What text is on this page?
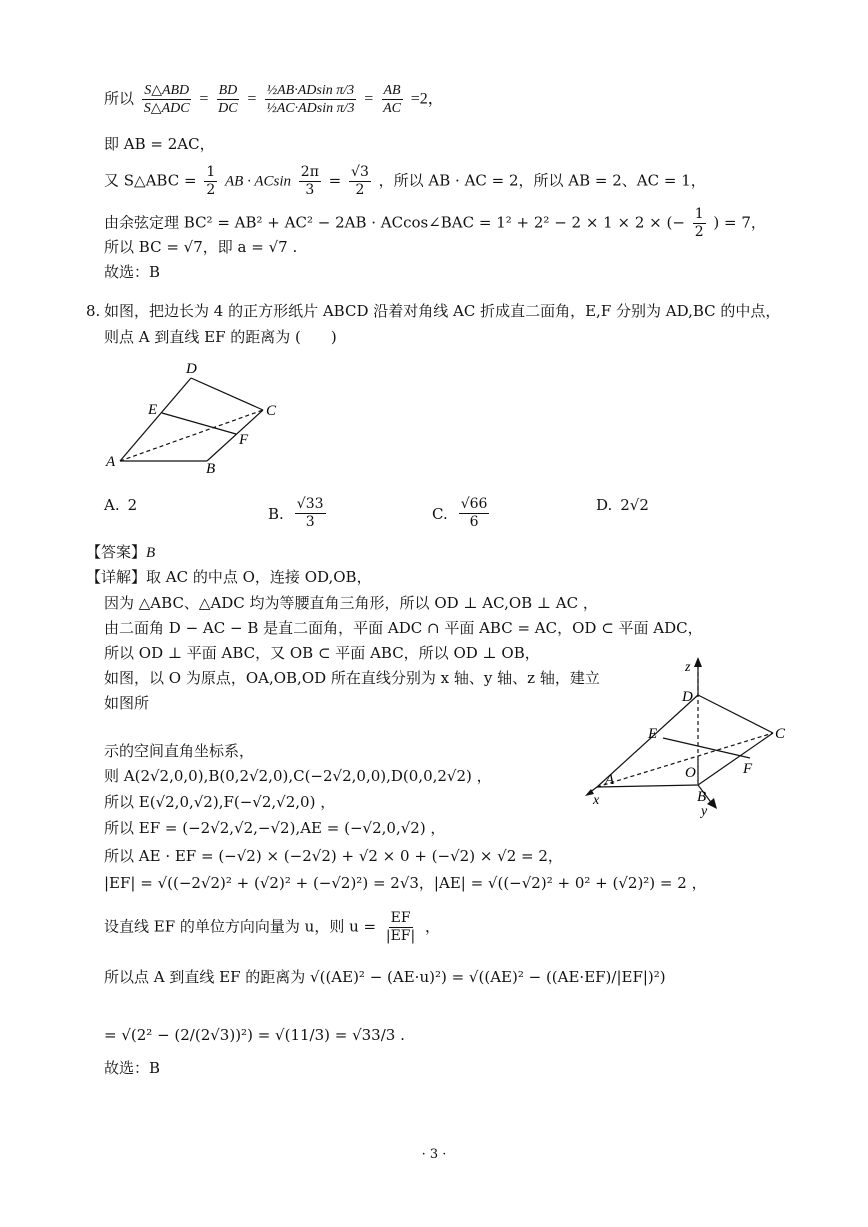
所以 $\frac{\text{S△ABD}}{\text{S△ADC}} = \frac{BD}{DC} = \frac{\text{½AB·ADsin π/3}}{\text{½AC·ADsin π/3}} = \frac{AB}{AC} =2$，
即 AB = 2AC，
又 S△ABC = $\frac{1}{2}$ AB · ACsin $\frac{2\pi}{3} = \frac{√3}{2}$ ，所以 AB · AC = 2，所以 AB = 2、AC = 1，
由余弦定理 BC² = AB² + AC² − 2AB · ACcos∠BAC = 1² + 2² − 2 × 1 × 2 × (− $\frac{1}{2}$ ) = 7，
所以 BC = √7，即 a = √7 .
故选：B
8. 如图，把边长为 4 的正方形纸片 ABCD 沿着对角线 AC 折成直二面角，E,F 分别为 AD,BC 的中点，
则点 A 到直线 EF 的距离为 (　　)
D
E	C
F
A	B
A. 2	B. $\frac{√33}{3}$	C. $\frac{√66}{6}$	D. 2√2
【答案】B
【详解】取 AC 的中点 O，连接 OD,OB，
因为 △ABC、△ADC 均为等腰直角三角形，所以 OD ⊥ AC,OB ⊥ AC ，
由二面角 D − AC − B 是直二面角，平面 ADC ∩ 平面 ABC = AC，OD ⊂ 平面 ADC，
所以 OD ⊥ 平面 ABC，又 OB ⊂ 平面 ABC，所以 OD ⊥ OB，
如图，以 O 为原点，OA,OB,OD 所在直线分别为 x 轴、y 轴、z 轴，建立
如图所
示的空间直角坐标系，
则 A(2√2,0,0),B(0,2√2,0),C(−2√2,0,0),D(0,0,2√2) ，
所以 E(√2,0,√2),F(−√2,√2,0) ，
所以 EF = (−2√2,√2,−√2),AE = (−√2,0,√2) ，
所以 AE · EF = (−√2) × (−2√2) + √2 × 0 + (−√2) × √2 = 2，
|EF| = √((−2√2)² + (√2)² + (−√2)²) = 2√3，|AE| = √((−√2)² + 0² + (√2)²) = 2 ，
设直线 EF 的单位方向向量为 u，则 $u = \frac{EF}{|EF|}$ ，
所以点 A 到直线 EF 的距离为 √((AE)² − (AE·u)²) = √((AE)² − ((AE·EF)/|EF|)²)
= √(2² − (2/(2√3))²) = √(11/3) = √33/3 .
故选：B
z
D
E	C
O	F
A
x	B
y
· 3 ·
